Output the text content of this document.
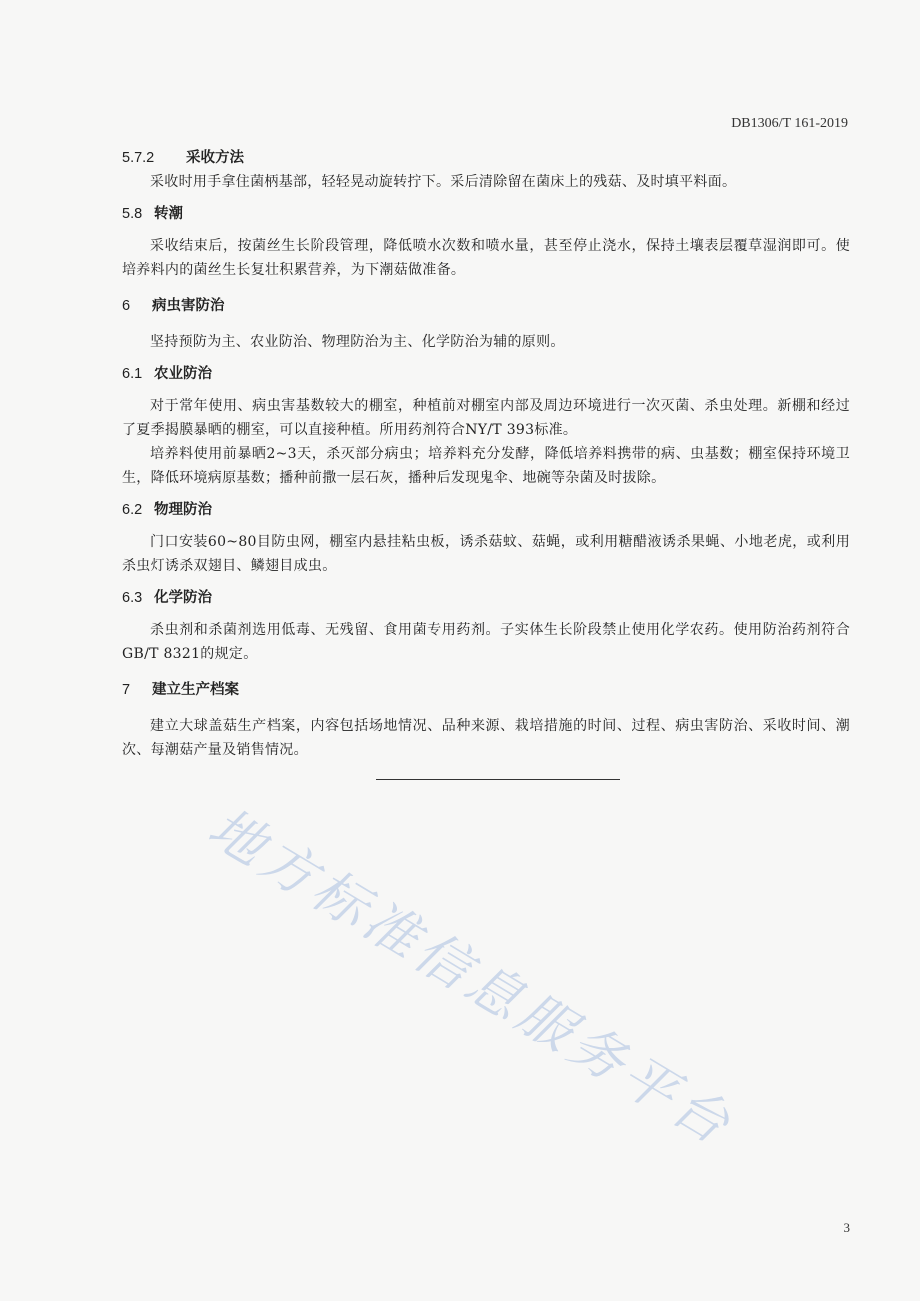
DB1306/T 161-2019
5.7.2	采收方法

采收时用手拿住菌柄基部，轻轻晃动旋转拧下。采后清除留在菌床上的残菇、及时填平料面。

5.8 转潮

采收结束后，按菌丝生长阶段管理，降低喷水次数和喷水量，甚至停止浇水，保持土壤表层覆草湿润即可。使培养料内的菌丝生长复壮积累营养，为下潮菇做准备。

6	病虫害防治

坚持预防为主、农业防治、物理防治为主、化学防治为辅的原则。

6.1 农业防治

对于常年使用、病虫害基数较大的棚室，种植前对棚室内部及周边环境进行一次灭菌、杀虫处理。新棚和经过了夏季揭膜暴晒的棚室，可以直接种植。所用药剂符合NY/T 393标准。

培养料使用前暴晒2~3天，杀灭部分病虫；培养料充分发酵，降低培养料携带的病、虫基数；棚室保持环境卫生，降低环境病原基数；播种前撒一层石灰，播种后发现鬼伞、地碗等杂菌及时拔除。

6.2 物理防治

门口安装60~80目防虫网，棚室内悬挂粘虫板，诱杀菇蚊、菇蝇，或利用糖醋液诱杀果蝇、小地老虎，或利用杀虫灯诱杀双翅目、鳞翅目成虫。

6.3 化学防治

杀虫剂和杀菌剂选用低毒、无残留、食用菌专用药剂。子实体生长阶段禁止使用化学农药。使用防治药剂符合GB/T 8321的规定。

7	建立生产档案

建立大球盖菇生产档案，内容包括场地情况、品种来源、栽培措施的时间、过程、病虫害防治、采收时间、潮次、每潮菇产量及销售情况。

地方标准信息服务平台
3
